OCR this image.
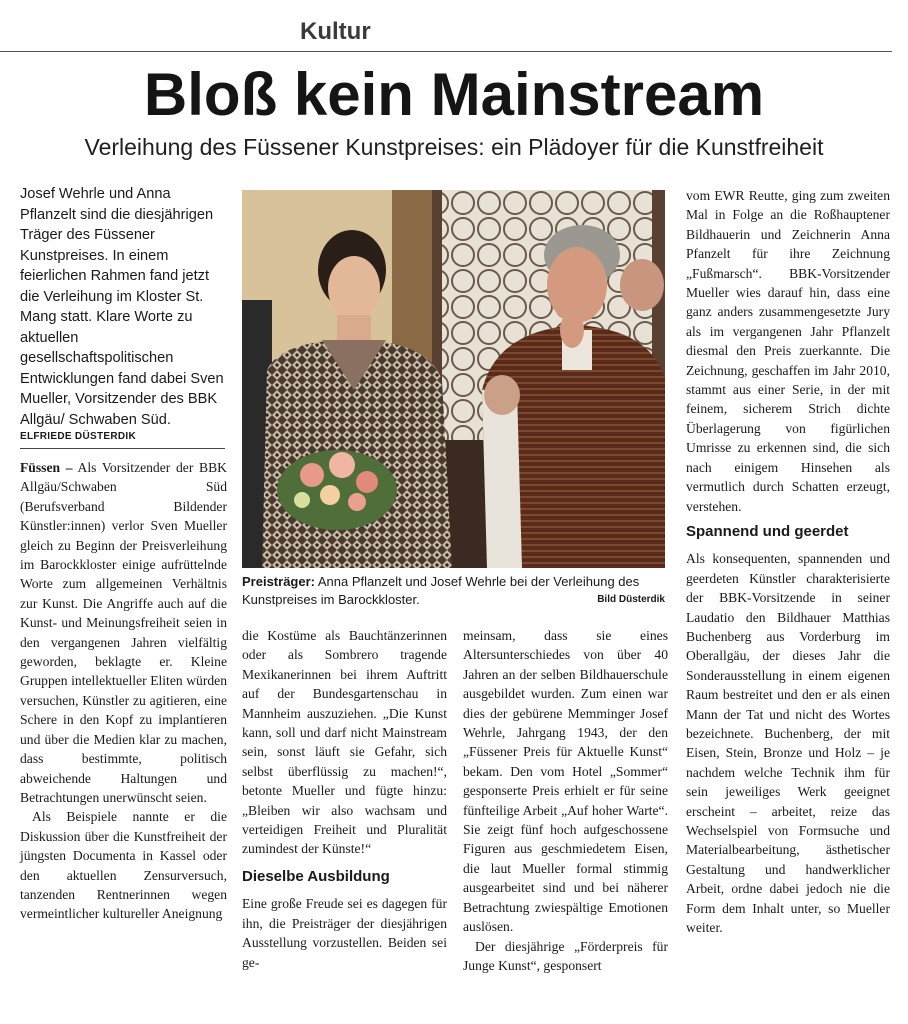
Kultur
Bloß kein Mainstream
Verleihung des Füssener Kunstpreises: ein Plädoyer für die Kunstfreiheit

Josef Wehrle und Anna Pflanzelt sind die diesjährigen Träger des Füssener Kunstpreises. In einem feierlichen Rahmen fand jetzt die Verleihung im Kloster St. Mang statt. Klare Worte zu aktuellen gesellschaftspolitischen Entwicklungen fand dabei Sven Mueller, Vorsitzender des BBK Allgäu/ Schwaben Süd.

ELFRIEDE DÜSTERDIK

Füssen – Als Vorsitzender der BBK Allgäu/Schwaben Süd (Berufsverband Bildender Künstler:innen) verlor Sven Mueller gleich zu Beginn der Preisverleihung im Barockkloster einige aufrüttelnde Worte zum allgemeinen Verhältnis zur Kunst. Die Angriffe auch auf die Kunst- und Meinungsfreiheit seien in den vergangenen Jahren vielfältig geworden, beklagte er. Kleine Gruppen intellektueller Eliten würden versuchen, Künstler zu agitieren, eine Schere in den Kopf zu implantieren und über die Medien klar zu machen, dass bestimmte, politisch abweichende Haltungen und Betrachtungen unerwünscht seien.

Als Beispiele nannte er die Diskussion über die Kunstfreiheit der jüngsten Documenta in Kassel oder den aktuellen Zensurversuch, tanzenden Rentnerinnen wegen vermeintlicher kultureller Aneignung

Preisträger: Anna Pflanzelt und Josef Wehrle bei der Verleihung des Kunstpreises im Barockkloster.	Bild Düsterdik

die Kostüme als Bauchtänzerinnen oder als Sombrero tragende Mexikanerinnen bei ihrem Auftritt auf der Bundesgartenschau in Mannheim auszuziehen. „Die Kunst kann, soll und darf nicht Mainstream sein, sonst läuft sie Gefahr, sich selbst überflüssig zu machen!“, betonte Mueller und fügte hinzu: „Bleiben wir also wachsam und verteidigen Freiheit und Pluralität zumindest der Künste!“

Dieselbe Ausbildung

Eine große Freude sei es dagegen für ihn, die Preisträger der diesjährigen Ausstellung vorzustellen. Beiden sei ge-

meinsam, dass sie eines Altersunterschiedes von über 40 Jahren an der selben Bildhauerschule ausgebildet wurden. Zum einen war dies der gebürene Memminger Josef Wehrle, Jahrgang 1943, der den „Füssener Preis für Aktuelle Kunst“ bekam. Den vom Hotel „Sommer“ gesponserte Preis erhielt er für seine fünfteilige Arbeit „Auf hoher Warte“. Sie zeigt fünf hoch aufgeschossene Figuren aus geschmiedetem Eisen, die laut Mueller formal stimmig ausgearbeitet sind und bei näherer Betrachtung zwiespältige Emotionen auslösen.

Der diesjährige „Förderpreis für Junge Kunst“, gesponsert

vom EWR Reutte, ging zum zweiten Mal in Folge an die Roßhauptener Bildhauerin und Zeichnerin Anna Pfanzelt für ihre Zeichnung „Fußmarsch“. BBK-Vorsitzender Mueller wies darauf hin, dass eine ganz anders zusammengesetzte Jury als im vergangenen Jahr Pflanzelt diesmal den Preis zuerkannte. Die Zeichnung, geschaffen im Jahr 2010, stammt aus einer Serie, in der mit feinem, sicherem Strich dichte Überlagerung von figürlichen Umrisse zu erkennen sind, die sich nach einigem Hinsehen als vermutlich durch Schatten erzeugt, verstehen.

Spannend und geerdet

Als konsequenten, spannenden und geerdeten Künstler charakterisierte der BBK-Vorsitzende in seiner Laudatio den Bildhauer Matthias Buchenberg aus Vorderburg im Oberallgäu, der dieses Jahr die Sonderausstellung in einem eigenen Raum bestreitet und den er als einen Mann der Tat und nicht des Wortes bezeichnete. Buchenberg, der mit Eisen, Stein, Bronze und Holz – je nachdem welche Technik ihm für sein jeweiliges Werk geeignet erscheint – arbeitet, reize das Wechselspiel von Formsuche und Materialbearbeitung, ästhetischer Gestaltung und handwerklicher Arbeit, ordne dabei jedoch nie die Form dem Inhalt unter, so Mueller weiter.
